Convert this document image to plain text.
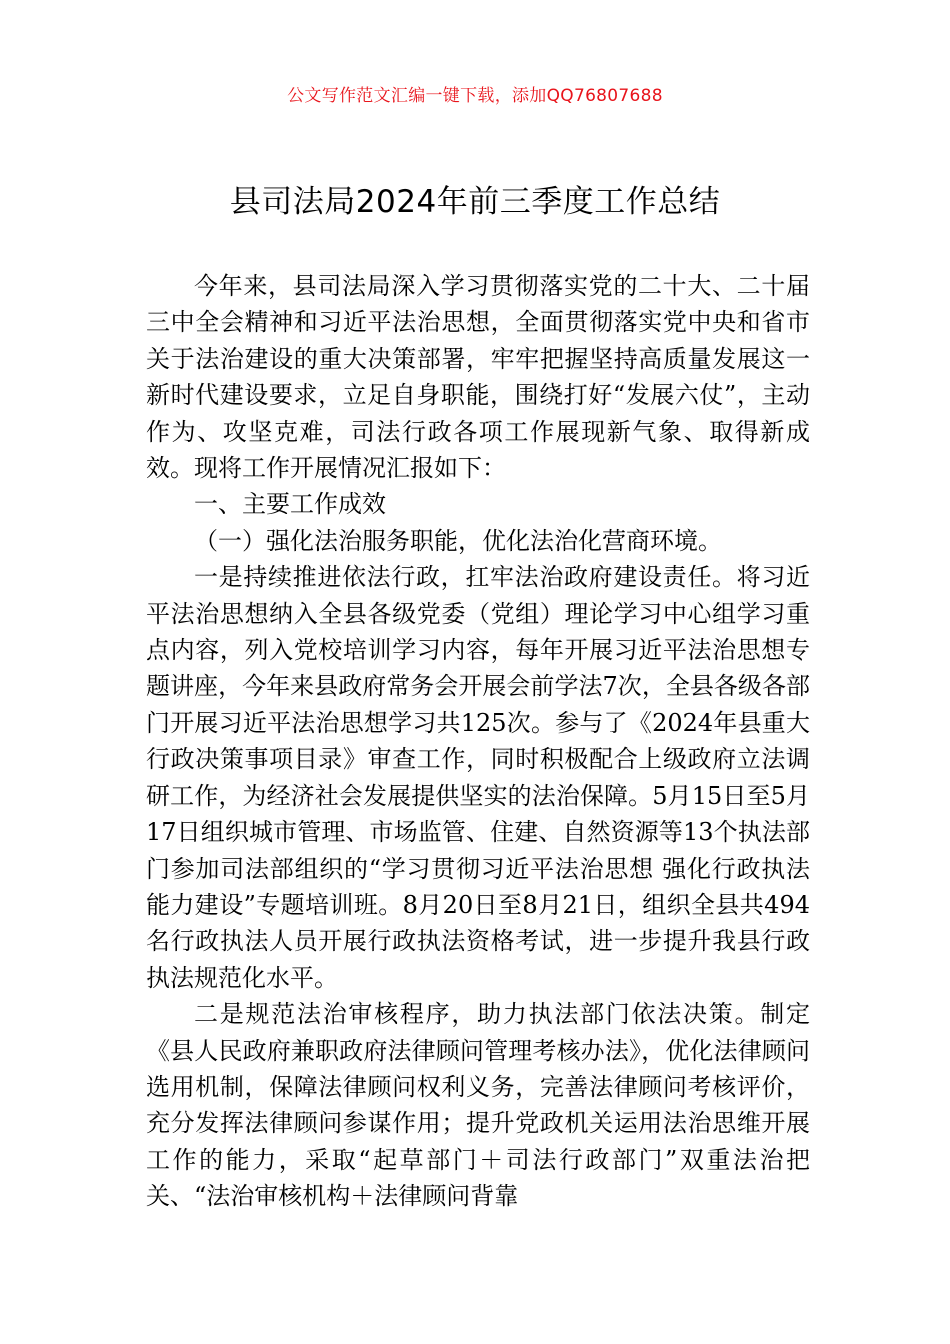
公文写作范文汇编一键下载，添加QQ76807688
县司法局2024年前三季度工作总结

今年来，县司法局深入学习贯彻落实党的二十大、二十届三中全会精神和习近平法治思想，全面贯彻落实党中央和省市关于法治建设的重大决策部署，牢牢把握坚持高质量发展这一新时代建设要求，立足自身职能，围绕打好“发展六仗”，主动作为、攻坚克难，司法行政各项工作展现新气象、取得新成效。现将工作开展情况汇报如下：

一、主要工作成效

（一）强化法治服务职能，优化法治化营商环境。

一是持续推进依法行政，扛牢法治政府建设责任。将习近平法治思想纳入全县各级党委（党组）理论学习中心组学习重点内容，列入党校培训学习内容，每年开展习近平法治思想专题讲座，今年来县政府常务会开展会前学法7次，全县各级各部门开展习近平法治思想学习共125次。参与了《2024年县重大行政决策事项目录》审查工作，同时积极配合上级政府立法调研工作，为经济社会发展提供坚实的法治保障。5月15日至5月17日组织城市管理、市场监管、住建、自然资源等13个执法部门参加司法部组织的“学习贯彻习近平法治思想 强化行政执法能力建设”专题培训班。8月20日至8月21日，组织全县共494名行政执法人员开展行政执法资格考试，进一步提升我县行政执法规范化水平。

二是规范法治审核程序，助力执法部门依法决策。制定《县人民政府兼职政府法律顾问管理考核办法》，优化法律顾问选用机制，保障法律顾问权利义务，完善法律顾问考核评价，充分发挥法律顾问参谋作用；提升党政机关运用法治思维开展工作的能力，采取“起草部门＋司法行政部门”双重法治把关、“法治审核机构＋法律顾问背靠
